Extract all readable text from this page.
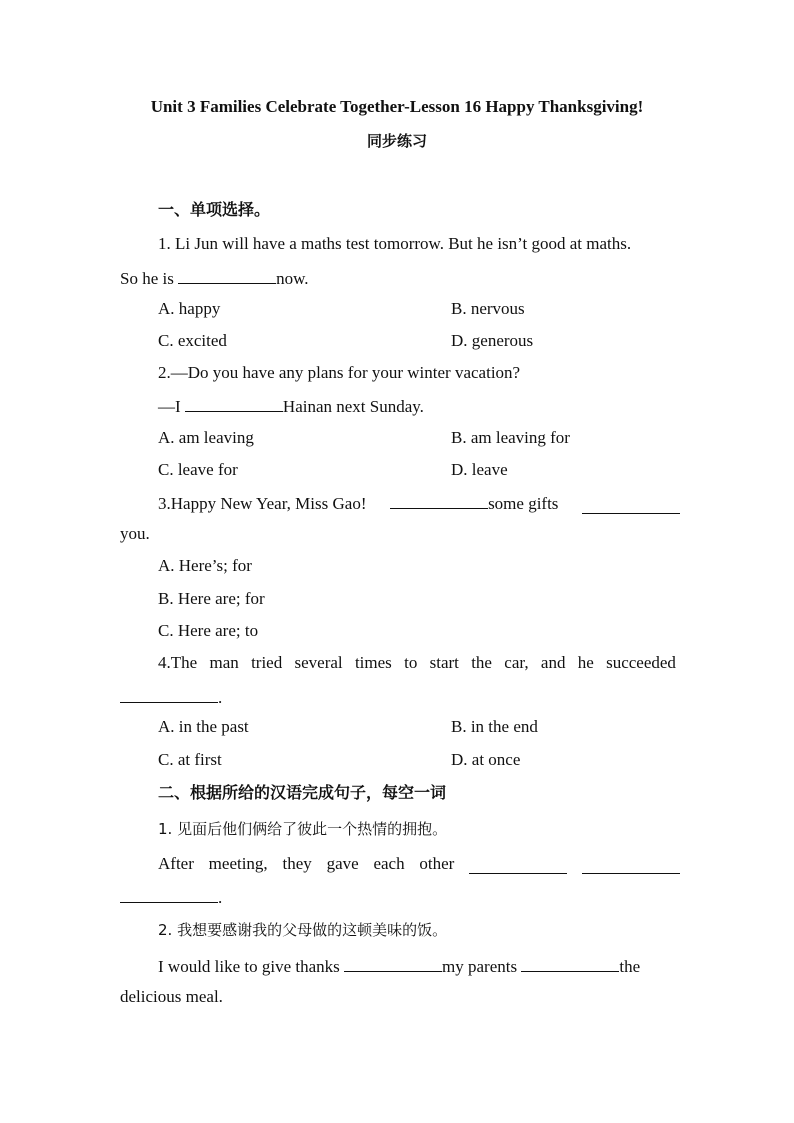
Unit 3 Families Celebrate Together-Lesson 16 Happy Thanksgiving!
同步练习
一、单项选择。
1. Li Jun will have a maths test tomorrow. But he isn’t good at maths.
So he is	now.
A. happy	B. nervous
C. excited	D. generous
2.—Do you have any plans for your winter vacation?
—I	Hainan next Sunday.
A. am leaving	B. am leaving for
C. leave for	D. leave
3.Happy New Year, Miss Gao!	some gifts
you.
A. Here’s; for
B. Here are; for
C. Here are; to
4.The man tried several times to start the car, and he succeeded
.
A. in the past	B. in the end
C. at first	D. at once
二、根据所给的汉语完成句子，每空一词
1. 见面后他们俩给了彼此一个热情的拥抱。
After meeting, they gave each other
.
2. 我想要感谢我的父母做的这顿美味的饭。
I would like to give thanks	my parents	the
delicious meal.
